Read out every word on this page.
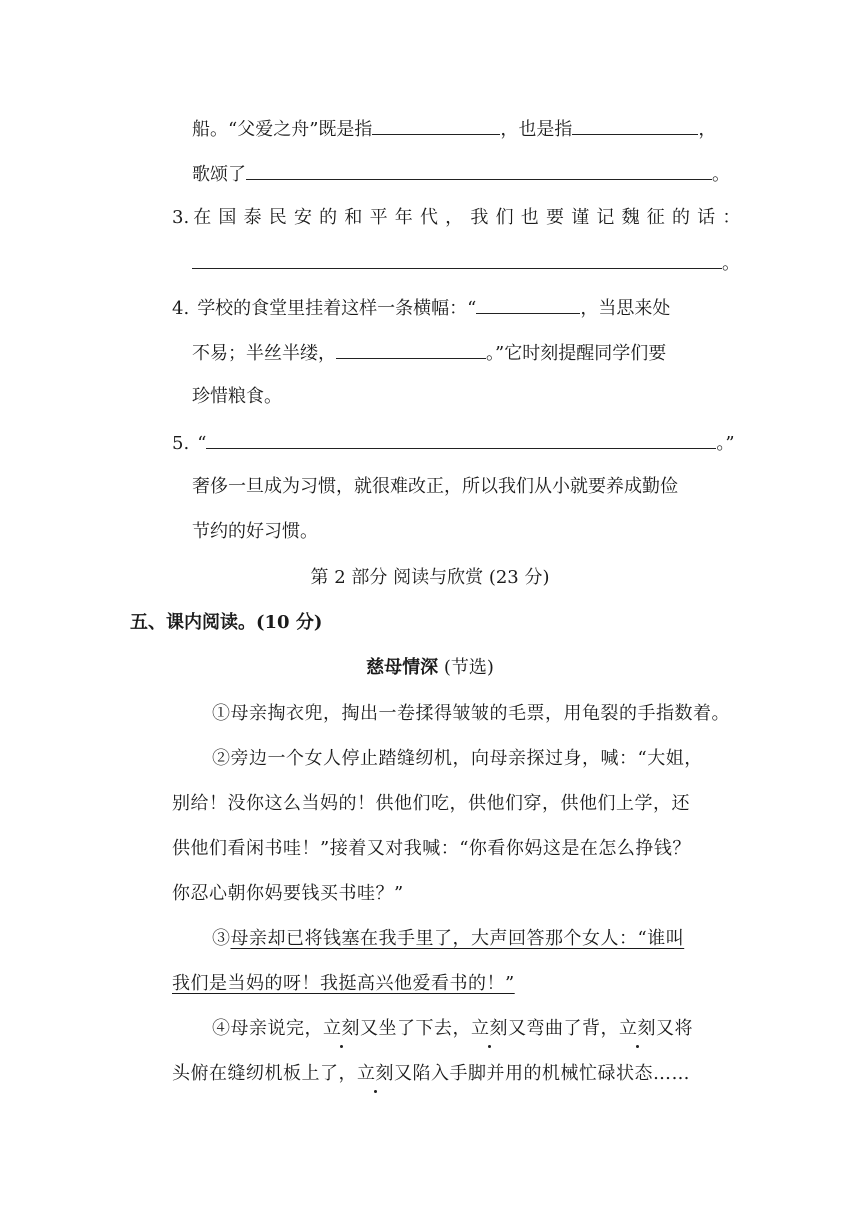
船。“父爱之舟”既是指	，也是指	，
歌颂了	。
3. 在国泰民安的和平年代，我们也要谨记魏征的话：
。
4. 学校的食堂里挂着这样一条横幅：“	，当思来处
不易；半丝半缕，	。”它时刻提醒同学们要
珍惜粮食。
5. “	。”
奢侈一旦成为习惯，就很难改正，所以我们从小就要养成勤俭
节约的好习惯。
第 2 部分 阅读与欣赏 (23 分)
五、课内阅读。(10 分)
慈母情深 (节选)
①母亲掏衣兜，掏出一卷揉得皱皱的毛票，用龟裂的手指数着。
②旁边一个女人停止踏缝纫机，向母亲探过身，喊：“大姐，
别给！没你这么当妈的！供他们吃，供他们穿，供他们上学，还
供他们看闲书哇！”接着又对我喊：“你看你妈这是在怎么挣钱？
你忍心朝你妈要钱买书哇？”
③母亲却已将钱塞在我手里了，大声回答那个女人：“谁叫
我们是当妈的呀！我挺高兴他爱看书的！”
④母亲说完，立刻又坐了下去，立刻又弯曲了背，立刻又将
头俯在缝纫机板上了，立刻又陷入手脚并用的机械忙碌状态……
